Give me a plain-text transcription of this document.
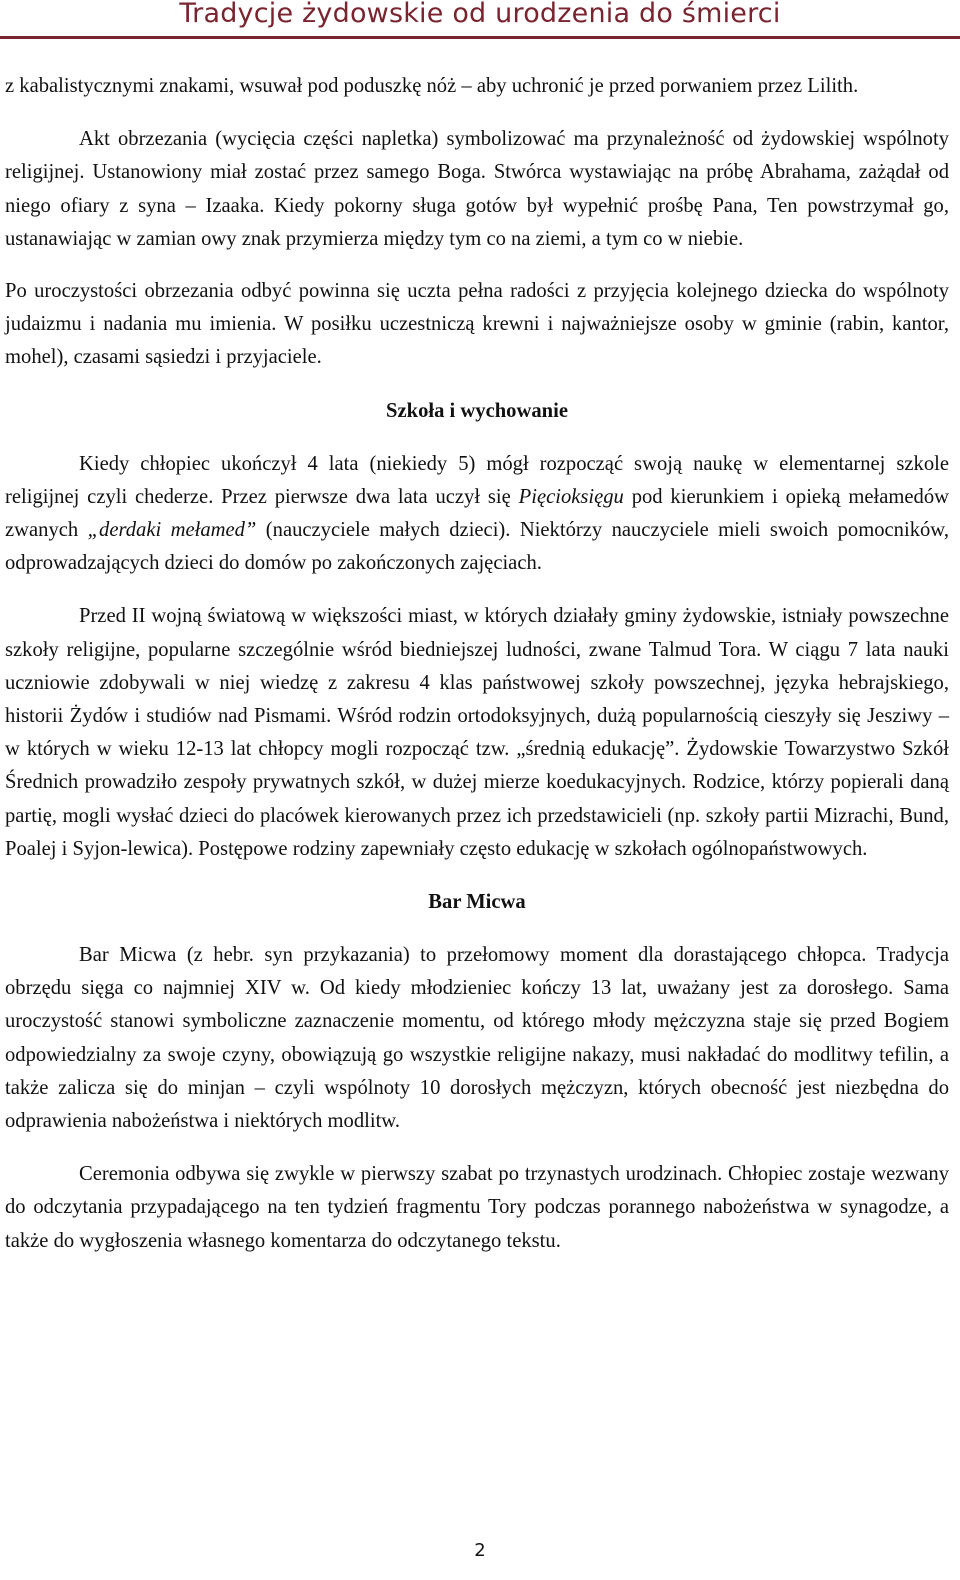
Tradycje żydowskie od urodzenia do śmierci

z kabalistycznymi znakami, wsuwał pod poduszkę nóż – aby uchronić je przed porwaniem przez Lilith.

Akt obrzezania (wycięcia części napletka) symbolizować ma przynależność od żydowskiej wspólnoty religijnej. Ustanowiony miał zostać przez samego Boga. Stwórca wystawiając na próbę Abrahama, zażądał od niego ofiary z syna – Izaaka. Kiedy pokorny sługa gotów był wypełnić prośbę Pana, Ten powstrzymał go, ustanawiając w zamian owy znak przymierza między tym co na ziemi, a tym co w niebie.

Po uroczystości obrzezania odbyć powinna się uczta pełna radości z przyjęcia kolejnego dziecka do wspólnoty judaizmu i nadania mu imienia. W posiłku uczestniczą krewni i najważniejsze osoby w gminie (rabin, kantor, mohel), czasami sąsiedzi i przyjaciele.

Szkoła i wychowanie

Kiedy chłopiec ukończył 4 lata (niekiedy 5) mógł rozpocząć swoją naukę w elementarnej szkole religijnej czyli chederze. Przez pierwsze dwa lata uczył się Pięcioksięgu pod kierunkiem i opieką mełamedów zwanych „derdaki mełamed” (nauczyciele małych dzieci). Niektórzy nauczyciele mieli swoich pomocników, odprowadzających dzieci do domów po zakończonych zajęciach.

Przed II wojną światową w większości miast, w których działały gminy żydowskie, istniały powszechne szkoły religijne, popularne szczególnie wśród biedniejszej ludności, zwane Talmud Tora. W ciągu 7 lata nauki uczniowie zdobywali w niej wiedzę z zakresu 4 klas państwowej szkoły powszechnej, języka hebrajskiego, historii Żydów i studiów nad Pismami. Wśród rodzin ortodoksyjnych, dużą popularnością cieszyły się Jesziwy – w których w wieku 12-13 lat chłopcy mogli rozpocząć tzw. „średnią edukację”. Żydowskie Towarzystwo Szkół Średnich prowadziło zespoły prywatnych szkół, w dużej mierze koedukacyjnych. Rodzice, którzy popierali daną partię, mogli wysłać dzieci do placówek kierowanych przez ich przedstawicieli (np. szkoły partii Mizrachi, Bund, Poalej i Syjon-lewica). Postępowe rodziny zapewniały często edukację w szkołach ogólnopaństwowych.

Bar Micwa

Bar Micwa (z hebr. syn przykazania) to przełomowy moment dla dorastającego chłopca. Tradycja obrzędu sięga co najmniej XIV w. Od kiedy młodzieniec kończy 13 lat, uważany jest za dorosłego. Sama uroczystość stanowi symboliczne zaznaczenie momentu, od którego młody mężczyzna staje się przed Bogiem odpowiedzialny za swoje czyny, obowiązują go wszystkie religijne nakazy, musi nakładać do modlitwy tefilin, a także zalicza się do minjan – czyli wspólnoty 10 dorosłych mężczyzn, których obecność jest niezbędna do odprawienia nabożeństwa i niektórych modlitw.

Ceremonia odbywa się zwykle w pierwszy szabat po trzynastych urodzinach. Chłopiec zostaje wezwany do odczytania przypadającego na ten tydzień fragmentu Tory podczas porannego nabożeństwa w synagodze, a także do wygłoszenia własnego komentarza do odczytanego tekstu.

2
